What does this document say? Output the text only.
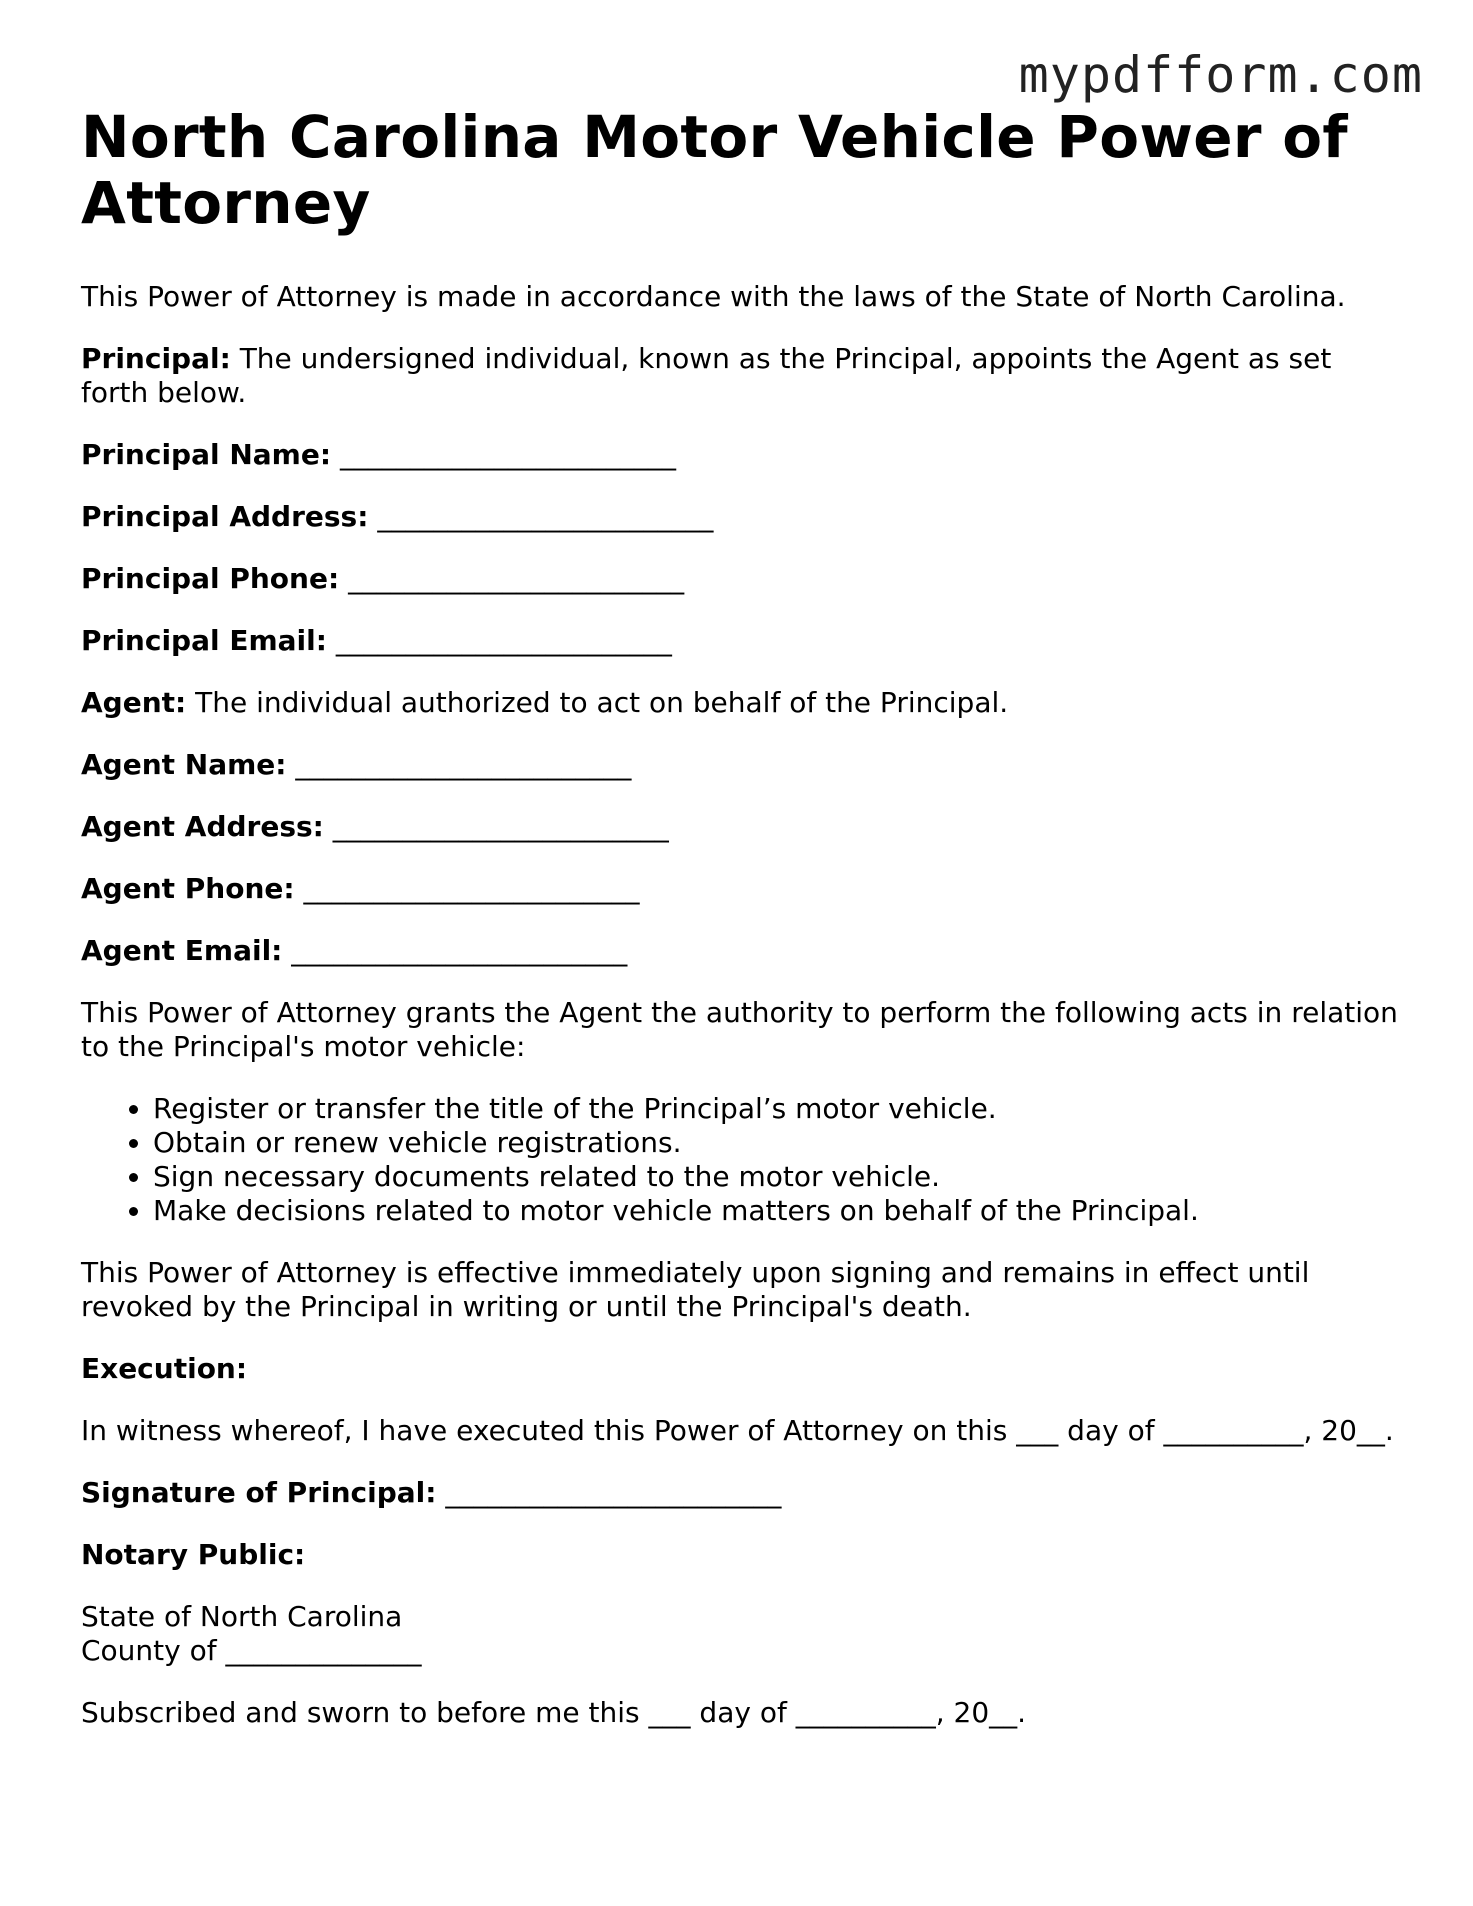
mypdfform.com
North Carolina Motor Vehicle Power of Attorney

This Power of Attorney is made in accordance with the laws of the State of North Carolina.

Principal: The undersigned individual, known as the Principal, appoints the Agent as set forth below.

Principal Name: ________________________

Principal Address: ________________________

Principal Phone: ________________________

Principal Email: ________________________

Agent: The individual authorized to act on behalf of the Principal.

Agent Name: ________________________

Agent Address: ________________________

Agent Phone: ________________________

Agent Email: ________________________

This Power of Attorney grants the Agent the authority to perform the following acts in relation to the Principal's motor vehicle:

• Register or transfer the title of the Principal’s motor vehicle.
• Obtain or renew vehicle registrations.
• Sign necessary documents related to the motor vehicle.
• Make decisions related to motor vehicle matters on behalf of the Principal.

This Power of Attorney is effective immediately upon signing and remains in effect until revoked by the Principal in writing or until the Principal's death.

Execution:

In witness whereof, I have executed this Power of Attorney on this ___ day of __________, 20__.

Signature of Principal: ________________________

Notary Public:

State of North Carolina
County of ______________

Subscribed and sworn to before me this ___ day of __________, 20__.
